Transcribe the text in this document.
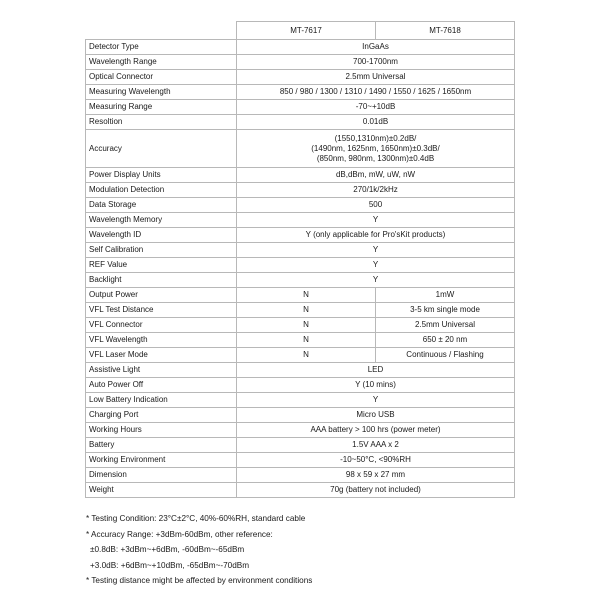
	MT-7617	MT-7618
Detector Type	InGaAs	
Wavelength Range	700-1700nm	
Optical Connector	2.5mm Universal	
Measuring Wavelength	850 / 980 / 1300 / 1310 / 1490 / 1550 / 1625 / 1650nm	
Measuring Range	-70~+10dB	
Resoltion	0.01dB	
Accuracy	(1550,1310nm)±0.2dB/
(1490nm, 1625nm, 1650nm)±0.3dB/
(850nm, 980nm, 1300nm)±0.4dB	

Power Display Units	dB,dBm, mW, uW, nW	
Modulation Detection	270/1k/2kHz	
Data Storage	500	
Wavelength Memory	Y	
Wavelength ID	Y (only applicable for Pro'sKit products)	
Self Calibration	Y	
REF Value	Y	
Backlight	Y	
Output Power	N	1mW
VFL Test Distance	N	3-5 km single mode
VFL Connector	N	2.5mm Universal
VFL Wavelength	N	650 ± 20 nm
VFL Laser Mode	N	Continuous / Flashing
Assistive Light	LED	
Auto Power Off	Y (10 mins)	
Low Battery Indication	Y	
Charging Port	Micro USB	
Working Hours	AAA battery > 100 hrs (power meter)	
Battery	1.5V AAA x 2	
Working Environment	-10~50°C, <90%RH	
Dimension	98 x 59 x 27 mm	
Weight	70g (battery not included)	
* Testing Condition: 23°C±2°C, 40%-60%RH, standard cable
* Accuracy Range: +3dBm-60dBm, other reference:
±0.8dB: +3dBm~+6dBm, -60dBm~-65dBm
+3.0dB: +6dBm~+10dBm, -65dBm~-70dBm
* Testing distance might be affected by environment conditions
